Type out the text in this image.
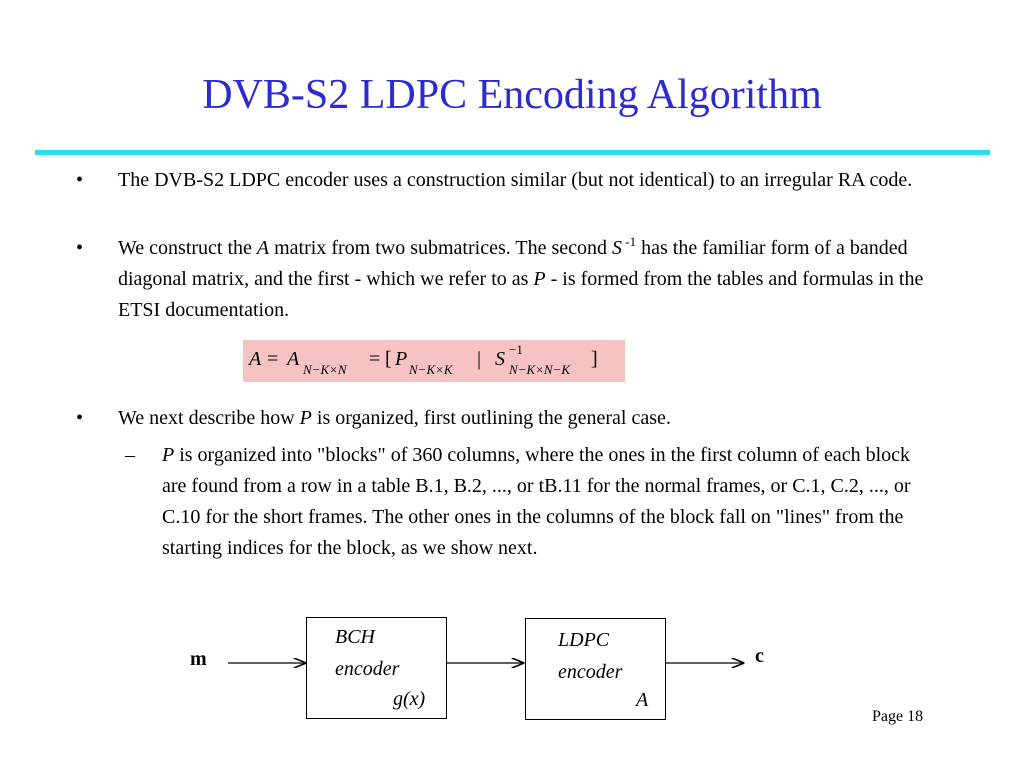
DVB-S2 LDPC Encoding Algorithm
• The DVB-S2 LDPC encoder uses a construction similar (but not identical) to an irregular RA code.
• We construct the A matrix from two submatrices. The second S $^{-1}$ has the familiar form of a banded diagonal matrix, and the first - which we refer to as P - is formed from the tables and formulas in the ETSI documentation.
A = A N−K×N = [ P N−K×K | S −1
N−K×N−K ]
• We next describe how P is organized, first outlining the general case.
– P is organized into "blocks" of 360 columns, where the ones in the first column of each block are found from a row in a table B.1, B.2, ..., or tB.11 for the normal frames, or C.1, C.2, ..., or C.10 for the short frames. The other ones in the columns of the block fall on "lines" from the starting indices for the block, as we show next.
m	c
BCH
encoder
g(x)
LDPC
encoder
A
Page 18
